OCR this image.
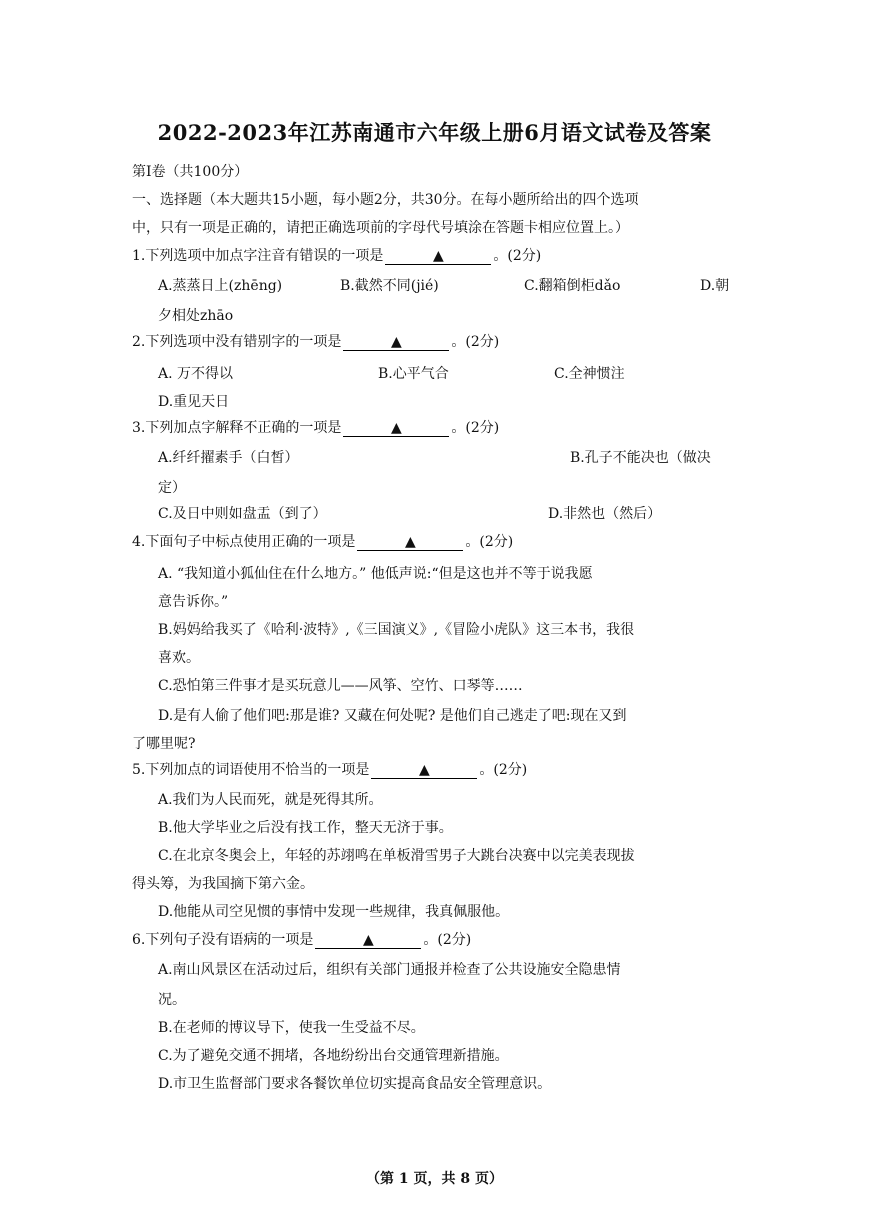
2022-2023年江苏南通市六年级上册6月语文试卷及答案
第Ⅰ卷（共100分）
一、选择题（本大题共15小题，每小题2分，共30分。在每小题所给出的四个选项
中，只有一项是正确的，请把正确选项前的字母代号填涂在答题卡相应位置上。）
1.下列选项中加点字注音有错误的一项是	▲	。(2分)
A.蒸蒸日上(zhēng)	B.截然不同(jié)	C.翻箱倒柜dǎo	D.朝
夕相处zhāo
2.下列选项中没有错别字的一项是	▲	。(2分)
A. 万不得以	B.心平气合	C.全神惯注
D.重见天日
3.下列加点字解释不正确的一项是	▲	。(2分)
A.纤纤擢素手（白皙）	B.孔子不能决也（做决
定）
C.及日中则如盘盂（到了）	D.非然也（然后）
4.下面句子中标点使用正确的一项是	▲	。(2分)
A. “我知道小狐仙住在什么地方。” 他低声说:“但是这也并不等于说我愿
意告诉你。”
B.妈妈给我买了《哈利·波特》,《三国演义》,《冒险小虎队》这三本书，我很
喜欢。
C.恐怕第三件事才是买玩意儿——风筝、空竹、口琴等……
D.是有人偷了他们吧:那是谁? 又藏在何处呢? 是他们自己逃走了吧:现在又到
了哪里呢?
5.下列加点的词语使用不恰当的一项是	▲	。(2分)
A.我们为人民而死，就是死得其所。
B.他大学毕业之后没有找工作，整天无济于事。
C.在北京冬奥会上，年轻的苏翊鸣在单板滑雪男子大跳台决赛中以完美表现拔
得头筹，为我国摘下第六金。
D.他能从司空见惯的事情中发现一些规律，我真佩服他。
6.下列句子没有语病的一项是	▲	。(2分)
A.南山风景区在活动过后，组织有关部门通报并检查了公共设施安全隐患情
况。
B.在老师的博议导下，使我一生受益不尽。
C.为了避免交通不拥堵，各地纷纷出台交通管理新措施。
D.市卫生监督部门要求各餐饮单位切实提高食品安全管理意识。
（第 1 页，共 8 页）
